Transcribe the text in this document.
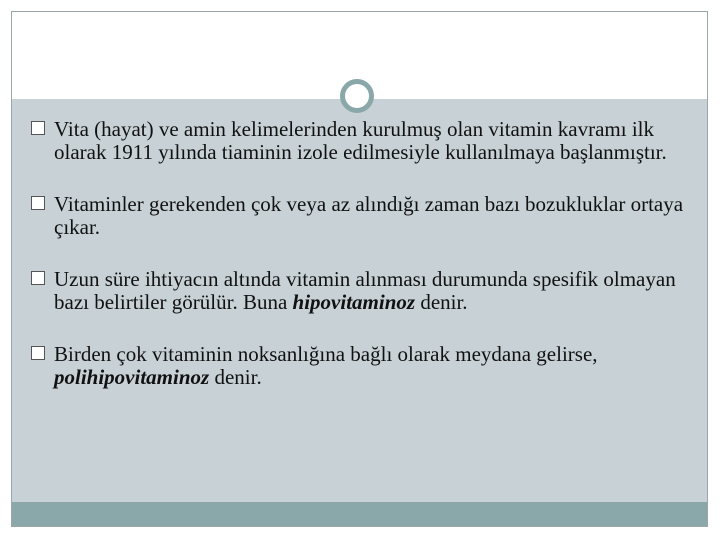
Vita (hayat) ve amin kelimelerinden kurulmuş olan vitamin kavramı ilk olarak 1911 yılında tiaminin izole edilmesiyle kullanılmaya başlanmıştır.
Vitaminler gerekenden çok veya az alındığı zaman bazı bozukluklar ortaya çıkar.
Uzun süre ihtiyacın altında vitamin alınması durumunda spesifik olmayan bazı belirtiler görülür. Buna hipovitaminoz denir.
Birden çok vitaminin noksanlığına bağlı olarak meydana gelirse, polihipovitaminoz denir.
